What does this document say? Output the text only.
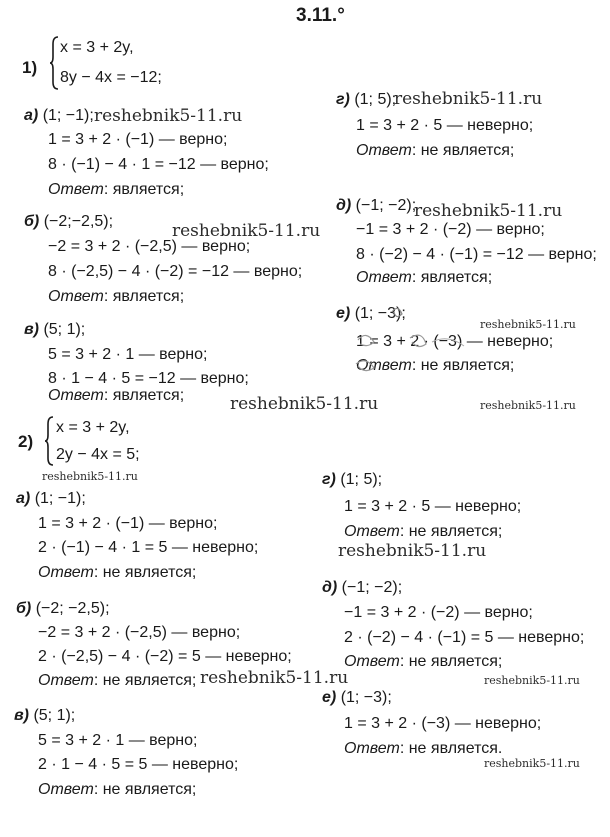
3.11.°
1)
x = 3 + 2y,
8y − 4x = −12;
а) (1; −1);
1 = 3 + 2 · (−1) — верно;
8 · (−1) − 4 · 1 = −12 — верно;
Ответ: является;
б) (−2;−2,5);
−2 = 3 + 2 · (−2,5) — верно;
8 · (−2,5) − 4 · (−2) = −12 — верно;
Ответ: является;
в) (5; 1);
5 = 3 + 2 · 1 — верно;
8 · 1 − 4 · 5 = −12 — верно;
Ответ: является;
г) (1; 5);
1 = 3 + 2 · 5 — неверно;
Ответ: не является;
д) (−1; −2);
−1 = 3 + 2 · (−2) — верно;
8 · (−2) − 4 · (−1) = −12 — верно;
Ответ: является;
е) (1; −3);
1 = 3 + 2 · (−3) — неверно;
Ответ: не является;
2)
x = 3 + 2y,
2y − 4x = 5;
а) (1; −1);
1 = 3 + 2 · (−1) — верно;
2 · (−1) − 4 · 1 = 5 — неверно;
Ответ: не является;
б) (−2; −2,5);
−2 = 3 + 2 · (−2,5) — верно;
2 · (−2,5) − 4 · (−2) = 5 — неверно;
Ответ: не является;
в) (5; 1);
5 = 3 + 2 · 1 — верно;
2 · 1 − 4 · 5 = 5 — неверно;
Ответ: не является;
г) (1; 5);
1 = 3 + 2 · 5 — неверно;
Ответ: не является;
д) (−1; −2);
−1 = 3 + 2 · (−2) — верно;
2 · (−2) − 4 · (−1) = 5 — неверно;
Ответ: не является;
е) (1; −3);
1 = 3 + 2 · (−3) — неверно;
Ответ: не является.
reshebnik5-11.ru
reshebnik5-11.ru
reshebnik5-11.ru
reshebnik5-11.ru
reshebnik5-11.ru
reshebnik5-11.ru	reshebnik5-11.ru
reshebnik5-11.ru
reshebnik5-11.ru
reshebnik5-11.ru	reshebnik5-11.ru
reshebnik5-11.ru
